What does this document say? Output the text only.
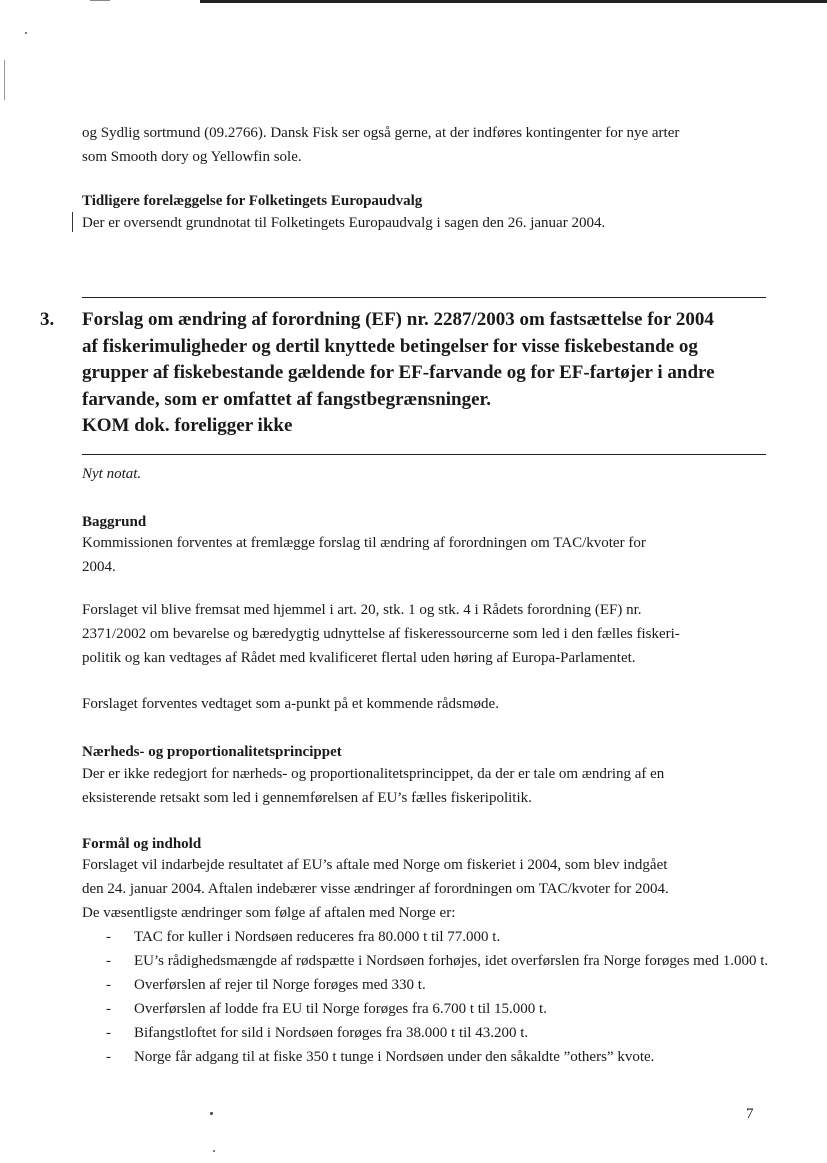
og Sydlig sortmund (09.2766). Dansk Fisk ser også gerne, at der indføres kontingenter for nye arter
som Smooth dory og Yellowfin sole.
Tidligere forelæggelse for Folketingets Europaudvalg
Der er oversendt grundnotat til Folketingets Europaudvalg i sagen den 26. januar 2004.
3. Forslag om ændring af forordning (EF) nr. 2287/2003 om fastsættelse for 2004
af fiskerimuligheder og dertil knyttede betingelser for visse fiskebestande og
grupper af fiskebestande gældende for EF-farvande og for EF-fartøjer i andre
farvande, som er omfattet af fangstbegrænsninger.
KOM dok. foreligger ikke
Nyt notat.
Baggrund
Kommissionen forventes at fremlægge forslag til ændring af forordningen om TAC/kvoter for
2004.
Forslaget vil blive fremsat med hjemmel i art. 20, stk. 1 og stk. 4 i Rådets forordning (EF) nr.
2371/2002 om bevarelse og bæredygtig udnyttelse af fiskeressourcerne som led i den fælles fiskeri-
politik og kan vedtages af Rådet med kvalificeret flertal uden høring af Europa-Parlamentet.
Forslaget forventes vedtaget som a-punkt på et kommende rådsmøde.
Nærheds- og proportionalitetsprincippet
Der er ikke redegjort for nærheds- og proportionalitetsprincippet, da der er tale om ændring af en
eksisterende retsakt som led i gennemførelsen af EU’s fælles fiskeripolitik.
Formål og indhold
Forslaget vil indarbejde resultatet af EU’s aftale med Norge om fiskeriet i 2004, som blev indgået
den 24. januar 2004. Aftalen indebærer visse ændringer af forordningen om TAC/kvoter for 2004.
De væsentligste ændringer som følge af aftalen med Norge er:
- TAC for kuller i Nordsøen reduceres fra 80.000 t til 77.000 t.
- EU’s rådighedsmængde af rødspætte i Nordsøen forhøjes, idet overførslen fra Norge forøges med 1.000 t.
- Overførslen af rejer til Norge forøges med 330 t.
- Overførslen af lodde fra EU til Norge forøges fra 6.700 t til 15.000 t.
- Bifangstloftet for sild i Nordsøen forøges fra 38.000 t til 43.200 t.
- Norge får adgang til at fiske 350 t tunge i Nordsøen under den såkaldte ”others” kvote.
7
